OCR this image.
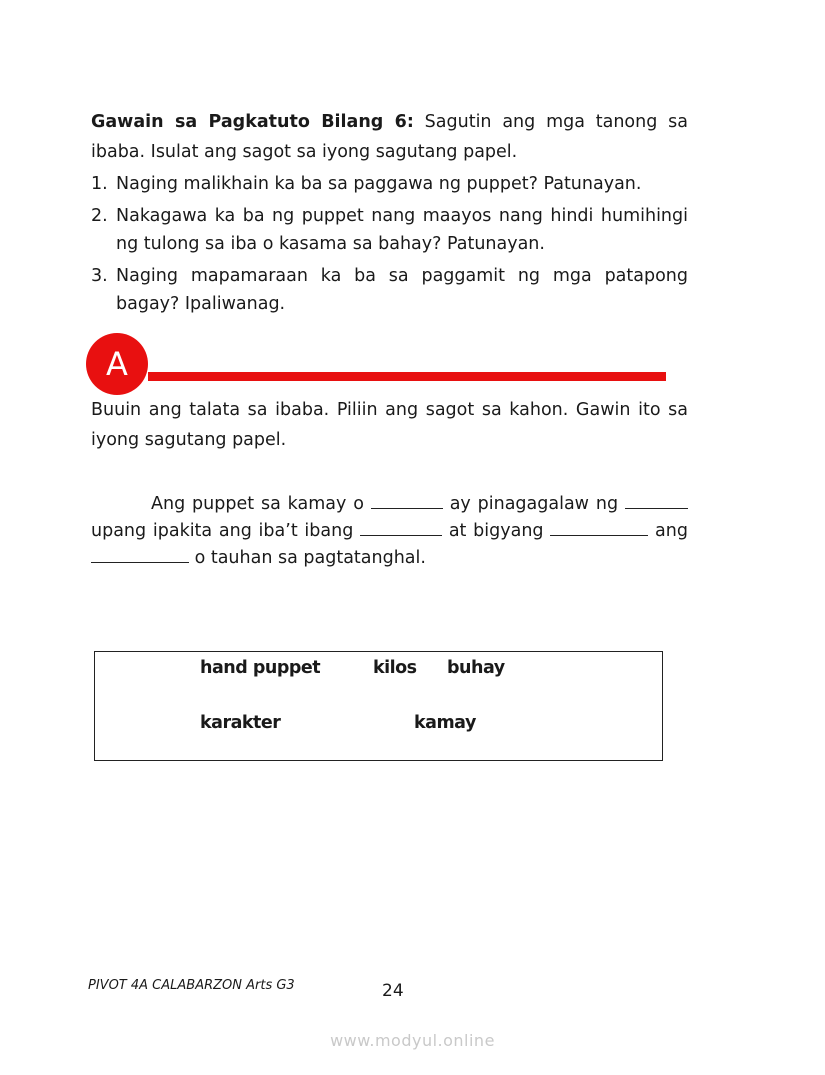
Gawain sa Pagkatuto Bilang 6: Sagutin ang mga tanong sa ibaba. Isulat ang sagot sa iyong sagutang papel.
1. Naging malikhain ka ba sa paggawa ng puppet? Patunayan.
2. Nakagawa ka ba ng puppet nang maayos nang hindi humihingi ng tulong sa iba o kasama sa bahay? Patunayan.
3. Naging mapamaraan ka ba sa paggamit ng mga patapong bagay? Ipaliwanag.
A
Buuin ang talata sa ibaba. Piliin ang sagot sa kahon. Gawin ito sa iyong sagutang papel.
Ang puppet sa kamay o	ay pinagagalaw ng  upang ipakita ang iba’t ibang	at bigyang	ang  o tauhan sa pagtatanghal.
hand puppet	kilos buhay
karakter	kamay
PIVOT 4A CALABARZON Arts G3	24
www.modyul.online
